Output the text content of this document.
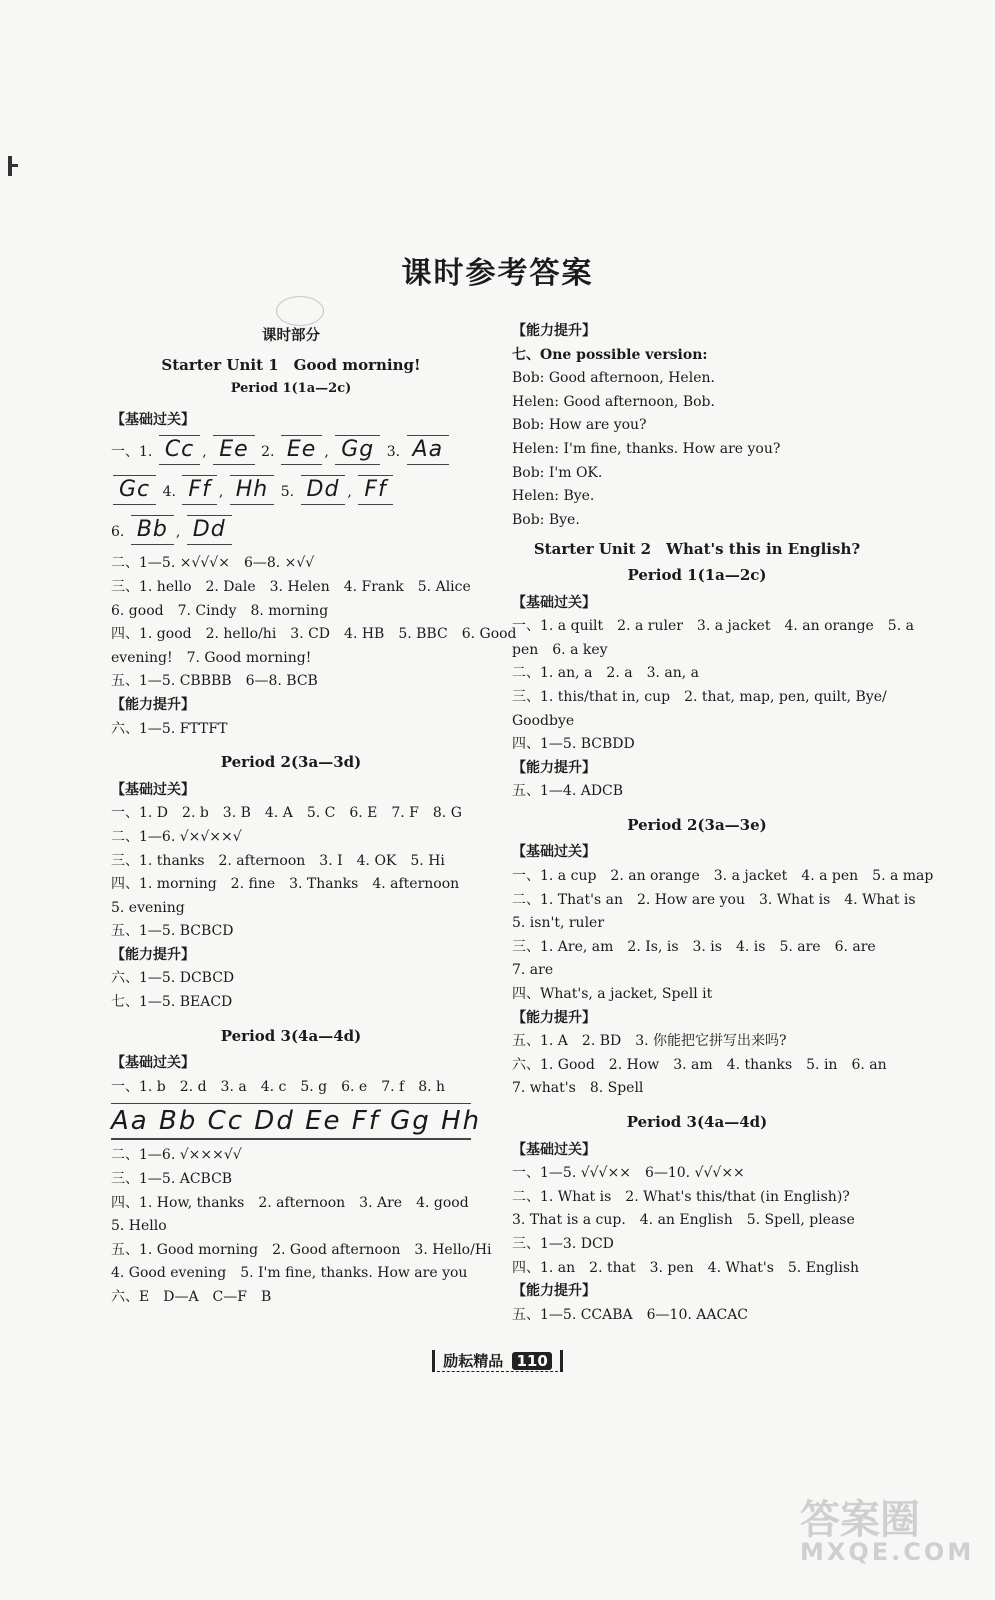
课时参考答案
课时部分
Starter Unit 1　Good morning!
Period 1(1a—2c)
【基础过关】
一、1. Cc , Ee 2. Ee , Gg 3. Aa
Gc 4. Ff , Hh 5. Dd , Ff
6. Bb , Dd
二、1—5. ×√√√×　6—8. ×√√
三、1. hello　2. Dale　3. Helen　4. Frank　5. Alice
6. good　7. Cindy　8. morning
四、1. good　2. hello/hi　3. CD　4. HB　5. BBC　6. Good
evening!　7. Good morning!
五、1—5. CBBBB　6—8. BCB
【能力提升】
六、1—5. FTTFT
Period 2(3a—3d)
【基础过关】
一、1. D　2. b　3. B　4. A　5. C　6. E　7. F　8. G
二、1—6. √×√××√
三、1. thanks　2. afternoon　3. I　4. OK　5. Hi
四、1. morning　2. fine　3. Thanks　4. afternoon
5. evening
五、1—5. BCBCD
【能力提升】
六、1—5. DCBCD
七、1—5. BEACD
Period 3(4a—4d)
【基础过关】
一、1. b　2. d　3. a　4. c　5. g　6. e　7. f　8. h
Aa Bb Cc Dd Ee Ff Gg Hh
二、1—6. √×××√√
三、1—5. ACBCB
四、1. How, thanks　2. afternoon　3. Are　4. good
5. Hello
五、1. Good morning　2. Good afternoon　3. Hello/Hi
4. Good evening　5. I'm fine, thanks. How are you
六、E　D—A　C—F　B
【能力提升】
七、One possible version:
Bob: Good afternoon, Helen.
Helen: Good afternoon, Bob.
Bob: How are you?
Helen: I'm fine, thanks. How are you?
Bob: I'm OK.
Helen: Bye.
Bob: Bye.
Starter Unit 2　What's this in English?
Period 1(1a—2c)
【基础过关】
一、1. a quilt　2. a ruler　3. a jacket　4. an orange　5. a
pen　6. a key
二、1. an, a　2. a　3. an, a
三、1. this/that in, cup　2. that, map, pen, quilt, Bye/
Goodbye
四、1—5. BCBDD
【能力提升】
五、1—4. ADCB
Period 2(3a—3e)
【基础过关】
一、1. a cup　2. an orange　3. a jacket　4. a pen　5. a map
二、1. That's an　2. How are you　3. What is　4. What is
5. isn't, ruler
三、1. Are, am　2. Is, is　3. is　4. is　5. are　6. are
7. are
四、What's, a jacket, Spell it
【能力提升】
五、1. A　2. BD　3. 你能把它拼写出来吗?
六、1. Good　2. How　3. am　4. thanks　5. in　6. an
7. what's　8. Spell
Period 3(4a—4d)
【基础过关】
一、1—5. √√√××　6—10. √√√××
二、1. What is　2. What's this/that (in English)?
3. That is a cup.　4. an English　5. Spell, please
三、1—3. DCD
四、1. an　2. that　3. pen　4. What's　5. English
【能力提升】
五、1—5. CCABA　6—10. AACAC
励耘精品 110
答案圈
MXQE.COM
